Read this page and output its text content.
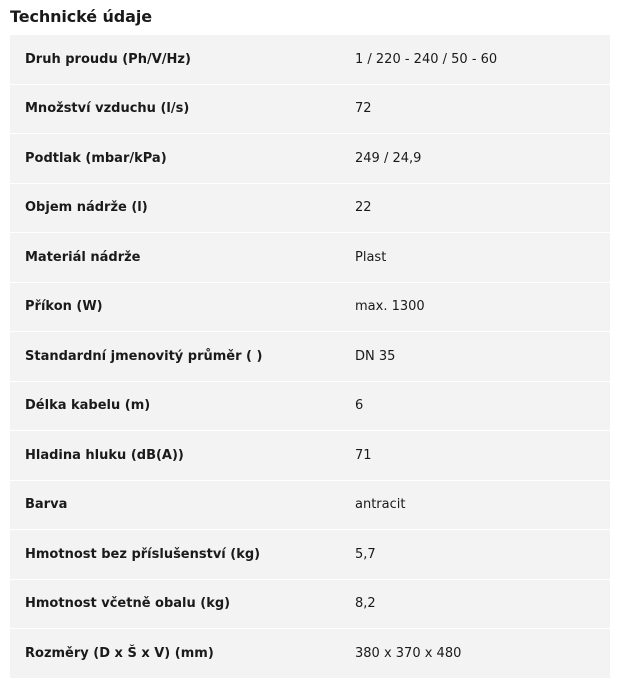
Technické údaje
Druh proudu (Ph/V/Hz)	1 / 220 - 240 / 50 - 60
Množství vzduchu (l/s)	72
Podtlak (mbar/kPa)	249 / 24,9
Objem nádrže (l)	22
Materiál nádrže	Plast
Příkon (W)	max. 1300
Standardní jmenovitý průměr ( )	DN 35
Délka kabelu (m)	6
Hladina hluku (dB(A))	71
Barva	antracit
Hmotnost bez příslušenství (kg)	5,7
Hmotnost včetně obalu (kg)	8,2
Rozměry (D x Š x V) (mm)	380 x 370 x 480
